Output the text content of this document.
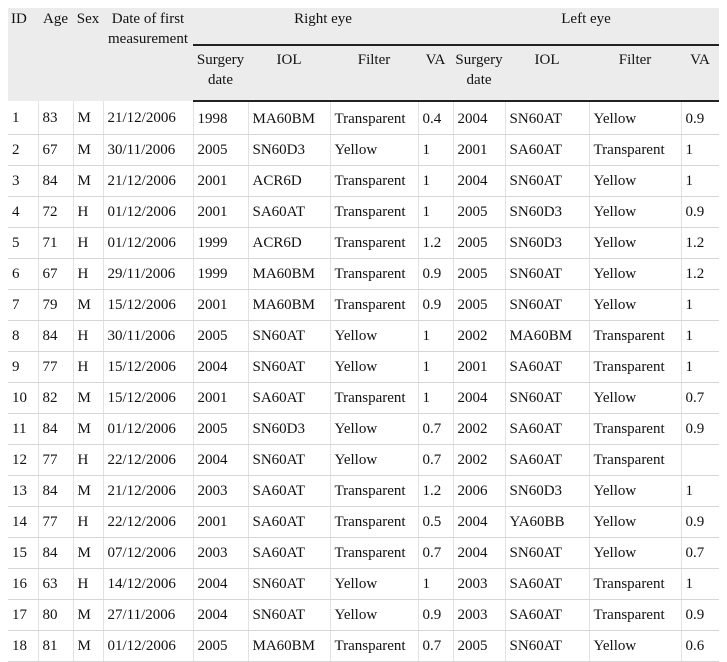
ID	Age	Sex	Date of first measurement	Right eye				Left eye			
				Surgery date	IOL	Filter	VA	Surgery date	IOL	Filter	VA

1	83	M	21/12/2006	1998	MA60BM	Transparent	0.4	2004	SN60AT	Yellow	0.9
2	67	M	30/11/2006	2005	SN60D3	Yellow	1	2001	SA60AT	Transparent	1
3	84	M	21/12/2006	2001	ACR6D	Transparent	1	2004	SN60AT	Yellow	1
4	72	H	01/12/2006	2001	SA60AT	Transparent	1	2005	SN60D3	Yellow	0.9
5	71	H	01/12/2006	1999	ACR6D	Transparent	1.2	2005	SN60D3	Yellow	1.2
6	67	H	29/11/2006	1999	MA60BM	Transparent	0.9	2005	SN60AT	Yellow	1.2
7	79	M	15/12/2006	2001	MA60BM	Transparent	0.9	2005	SN60AT	Yellow	1
8	84	H	30/11/2006	2005	SN60AT	Yellow	1	2002	MA60BM	Transparent	1
9	77	H	15/12/2006	2004	SN60AT	Yellow	1	2001	SA60AT	Transparent	1
10	82	M	15/12/2006	2001	SA60AT	Transparent	1	2004	SN60AT	Yellow	0.7
11	84	M	01/12/2006	2005	SN60D3	Yellow	0.7	2002	SA60AT	Transparent	0.9
12	77	H	22/12/2006	2004	SN60AT	Yellow	0.7	2002	SA60AT	Transparent	
13	84	M	21/12/2006	2003	SA60AT	Transparent	1.2	2006	SN60D3	Yellow	1
14	77	H	22/12/2006	2001	SA60AT	Transparent	0.5	2004	YA60BB	Yellow	0.9
15	84	M	07/12/2006	2003	SA60AT	Transparent	0.7	2004	SN60AT	Yellow	0.7
16	63	H	14/12/2006	2004	SN60AT	Yellow	1	2003	SA60AT	Transparent	1
17	80	M	27/11/2006	2004	SN60AT	Yellow	0.9	2003	SA60AT	Transparent	0.9
18	81	M	01/12/2006	2005	MA60BM	Transparent	0.7	2005	SN60AT	Yellow	0.6
